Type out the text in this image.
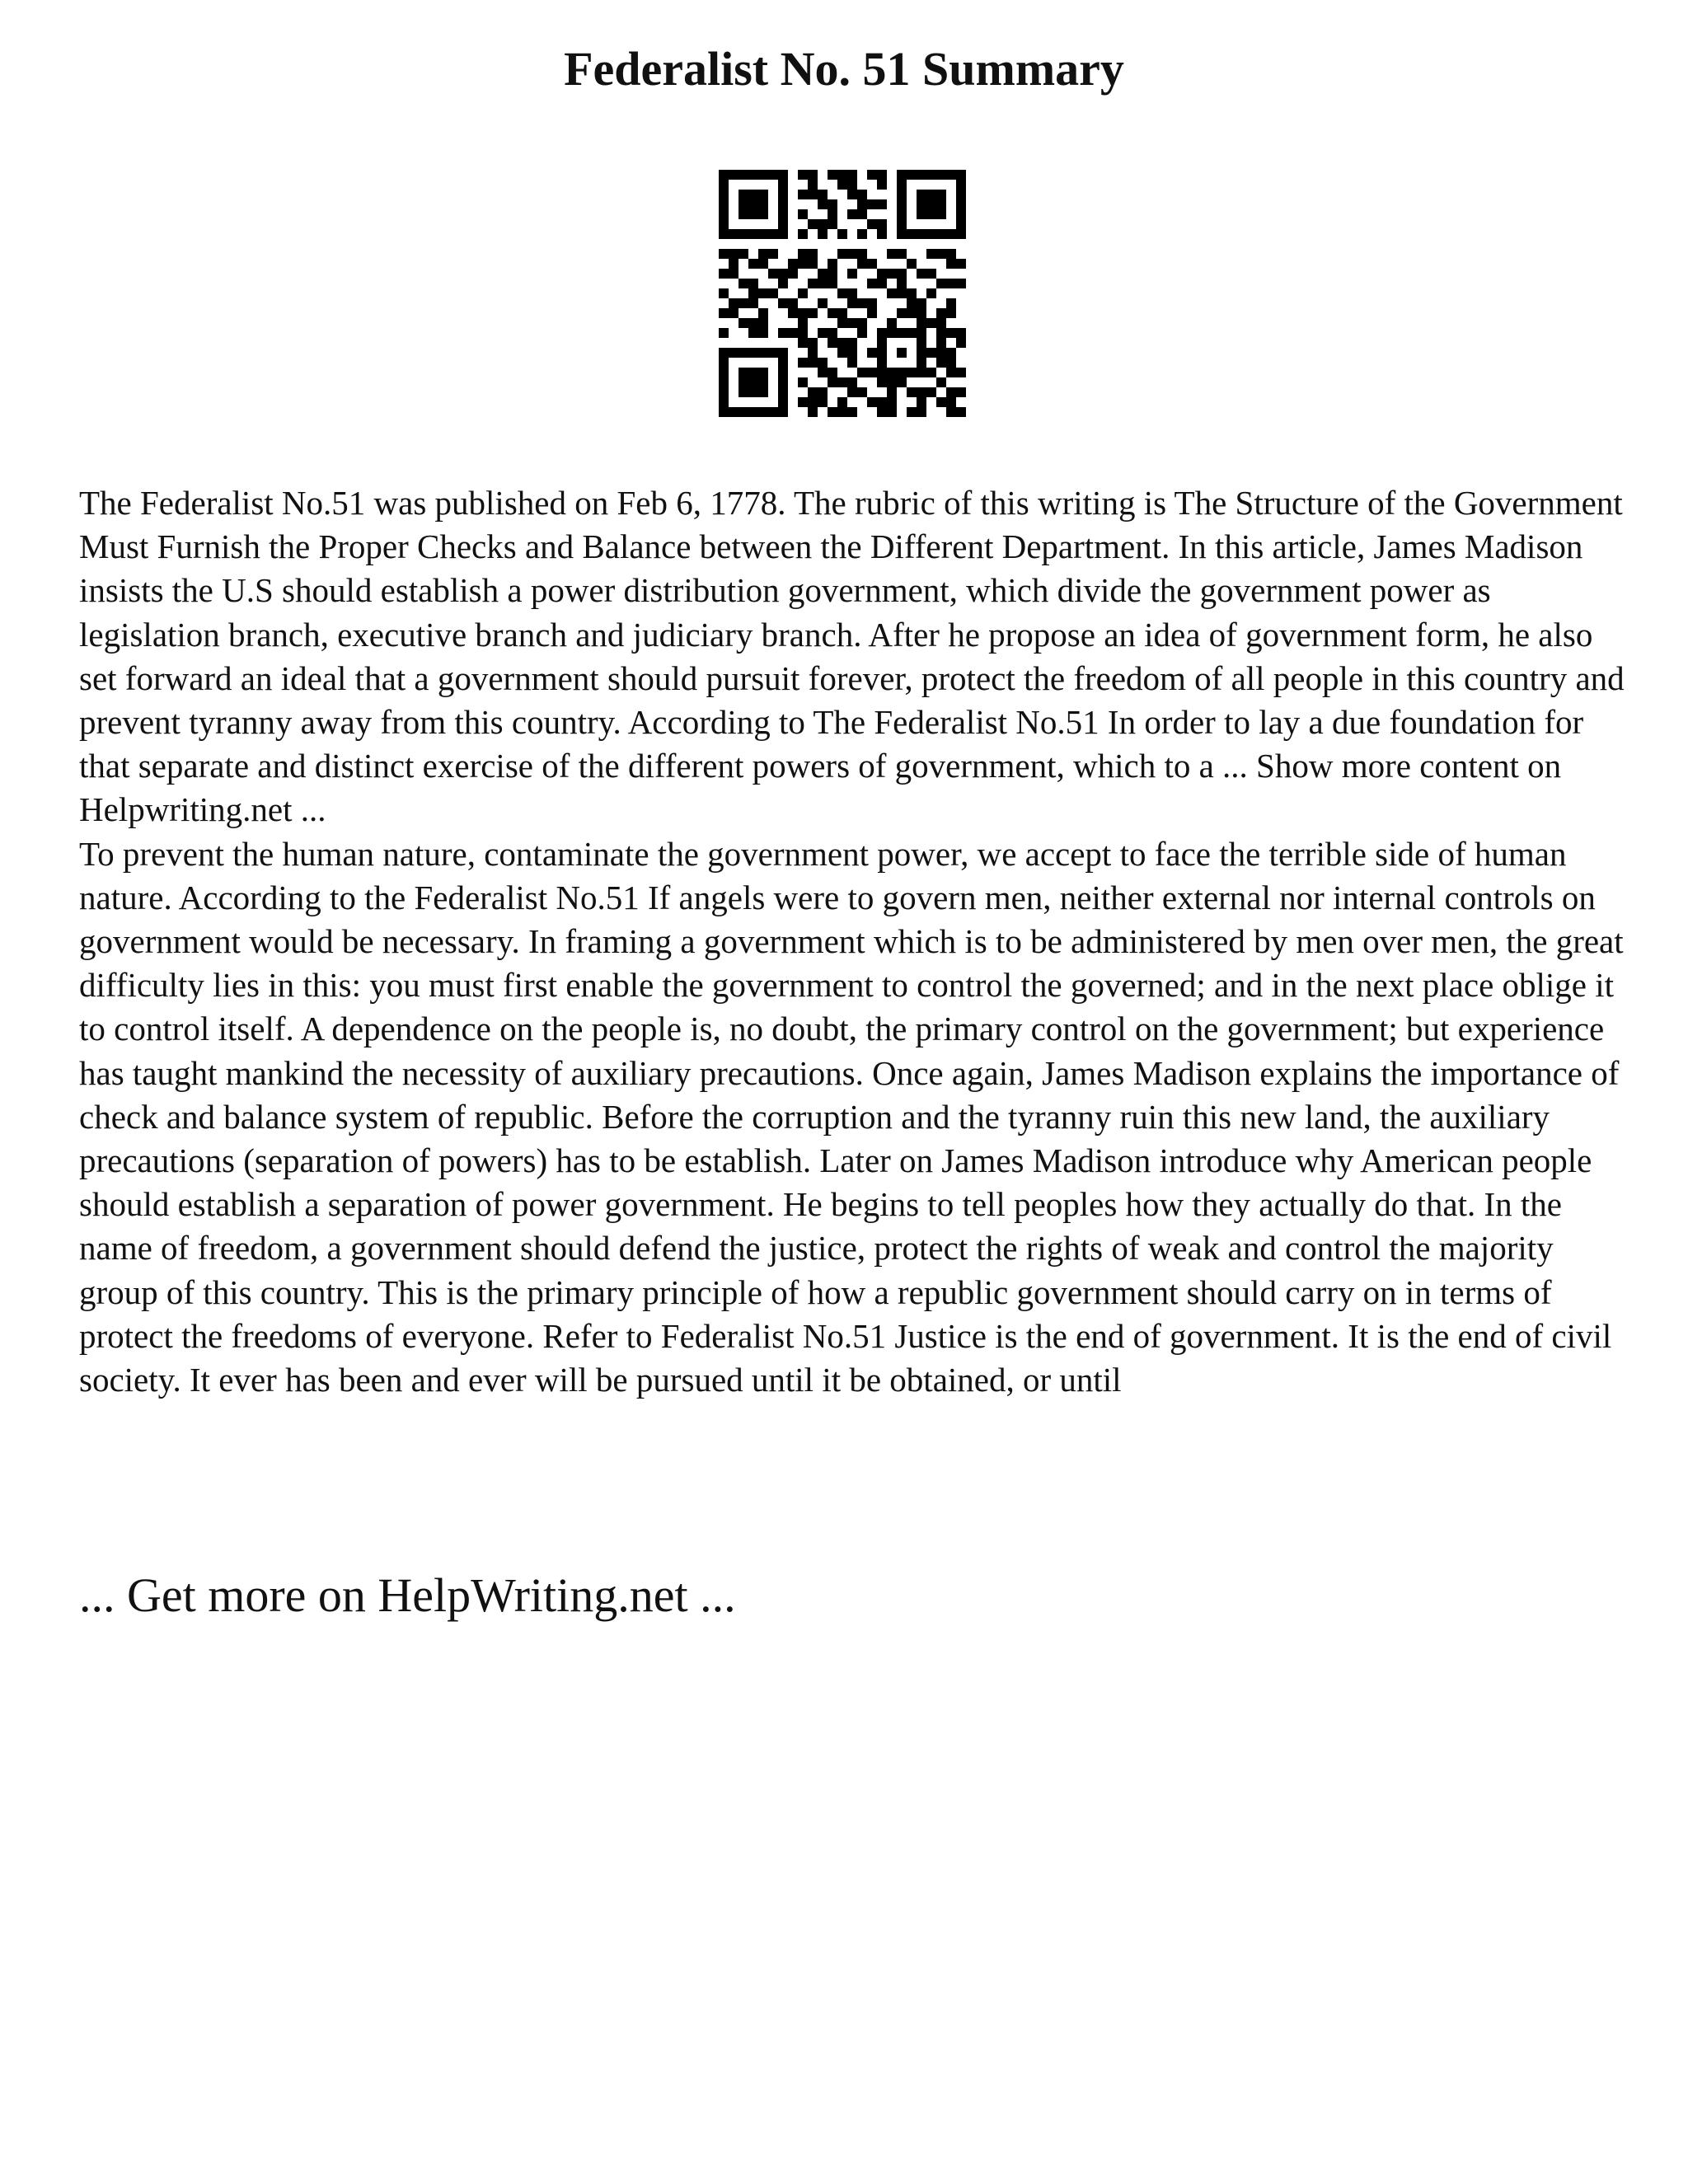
Federalist No. 51 Summary

The Federalist No.51 was published on Feb 6, 1778. The rubric of this writing is The Structure of the Government Must Furnish the Proper Checks and Balance between the Different Department. In this article, James Madison insists the U.S should establish a power distribution government, which divide the government power as legislation branch, executive branch and judiciary branch. After he propose an idea of government form, he also set forward an ideal that a government should pursuit forever, protect the freedom of all people in this country and prevent tyranny away from this country. According to The Federalist No.51 In order to lay a due foundation for that separate and distinct exercise of the different powers of government, which to a ... Show more content on Helpwriting.net ...

To prevent the human nature, contaminate the government power, we accept to face the terrible side of human nature. According to the Federalist No.51 If angels were to govern men, neither external nor internal controls on government would be necessary. In framing a government which is to be administered by men over men, the great difficulty lies in this: you must first enable the government to control the governed; and in the next place oblige it to control itself. A dependence on the people is, no doubt, the primary control on the government; but experience has taught mankind the necessity of auxiliary precautions. Once again, James Madison explains the importance of check and balance system of republic. Before the corruption and the tyranny ruin this new land, the auxiliary precautions (separation of powers) has to be establish. Later on James Madison introduce why American people should establish a separation of power government. He begins to tell peoples how they actually do that. In the name of freedom, a government should defend the justice, protect the rights of weak and control the majority group of this country. This is the primary principle of how a republic government should carry on in terms of protect the freedoms of everyone. Refer to Federalist No.51 Justice is the end of government. It is the end of civil society. It ever has been and ever will be pursued until it be obtained, or until

... Get more on HelpWriting.net ...
